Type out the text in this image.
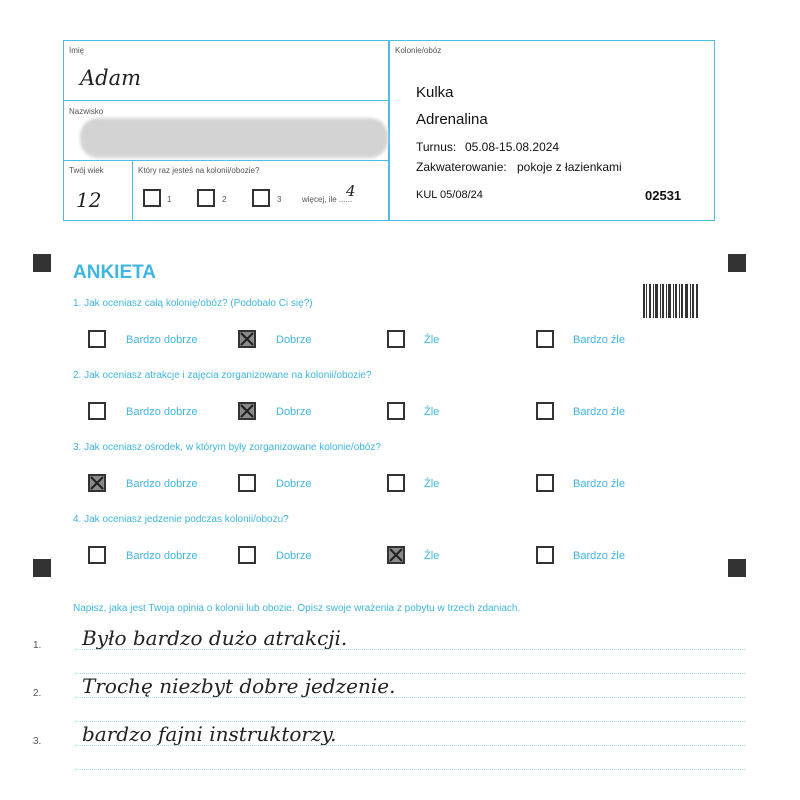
Imię
Adam
Nazwisko
Twój wiek
12
Który raz jesteś na kolonii/obozie?
1	2	3	więcej, ile ......
4
Kolonie/obóz
Kulka
Adrenalina
Turnus: 05.08-15.08.2024
Zakwaterowanie: pokoje z łazienkami
KUL 05/08/24	02531
ANKIETA
1. Jak oceniasz całą kolonię/obóz? (Podobało Ci się?)
Bardzo dobrze	Dobrze	Źle	Bardzo źle
2. Jak oceniasz atrakcje i zajęcia zorganizowane na kolonii/obozie?
Bardzo dobrze	Dobrze	Źle	Bardzo źle
3. Jak oceniasz ośrodek, w którym były zorganizowane kolonie/obóz?
Bardzo dobrze	Dobrze	Źle	Bardzo źle
4. Jak oceniasz jedzenie podczas kolonii/obozu?
Bardzo dobrze	Dobrze	Źle	Bardzo źle
Napisz, jaka jest Twoja opinia o kolonii lub obozie. Opisz swoje wrażenia z pobytu w trzech zdaniach.
1. Było bardzo dużo atrakcji.
2. Trochę niezbyt dobre jedzenie.
3. bardzo fajni instruktorzy.
